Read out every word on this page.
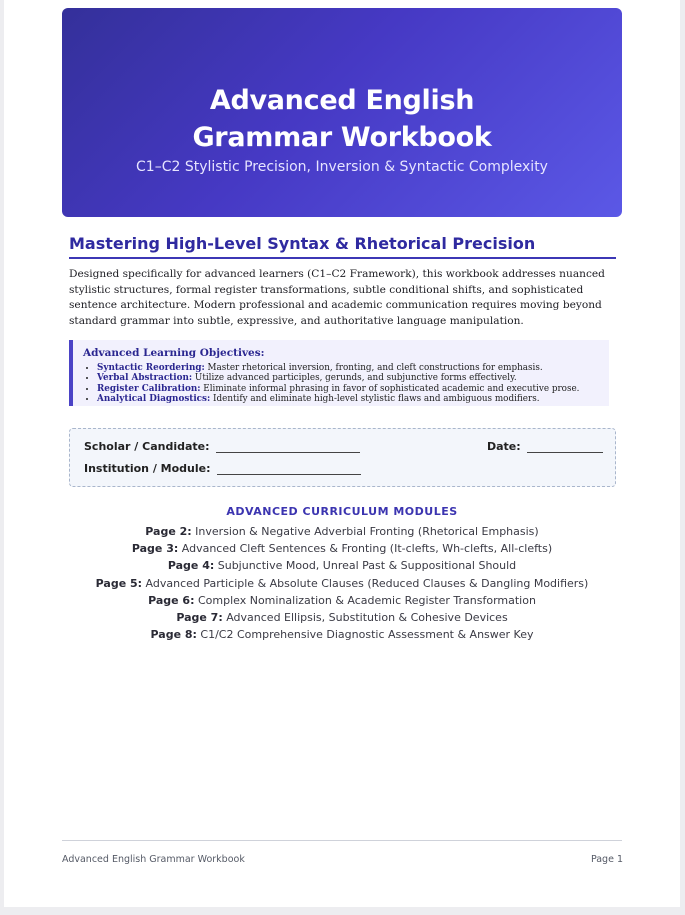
Advanced English
Grammar Workbook
C1–C2 Stylistic Precision, Inversion & Syntactic Complexity
Mastering High-Level Syntax & Rhetorical Precision
Designed specifically for advanced learners (C1–C2 Framework), this workbook addresses nuanced stylistic structures, formal register transformations, subtle conditional shifts, and sophisticated sentence architecture. Modern professional and academic communication requires moving beyond standard grammar into subtle, expressive, and authoritative language manipulation.
Advanced Learning Objectives:
• Syntactic Reordering: Master rhetorical inversion, fronting, and cleft constructions for emphasis.
• Verbal Abstraction: Utilize advanced participles, gerunds, and subjunctive forms effectively.
• Register Calibration: Eliminate informal phrasing in favor of sophisticated academic and executive prose.
• Analytical Diagnostics: Identify and eliminate high-level stylistic flaws and ambiguous modifiers.
Scholar / Candidate:	Date:
Institution / Module:
ADVANCED CURRICULUM MODULES
Page 2: Inversion & Negative Adverbial Fronting (Rhetorical Emphasis)
Page 3: Advanced Cleft Sentences & Fronting (It-clefts, Wh-clefts, All-clefts)
Page 4: Subjunctive Mood, Unreal Past & Suppositional Should
Page 5: Advanced Participle & Absolute Clauses (Reduced Clauses & Dangling Modifiers)
Page 6: Complex Nominalization & Academic Register Transformation
Page 7: Advanced Ellipsis, Substitution & Cohesive Devices
Page 8: C1/C2 Comprehensive Diagnostic Assessment & Answer Key
Advanced English Grammar Workbook	Page 1
